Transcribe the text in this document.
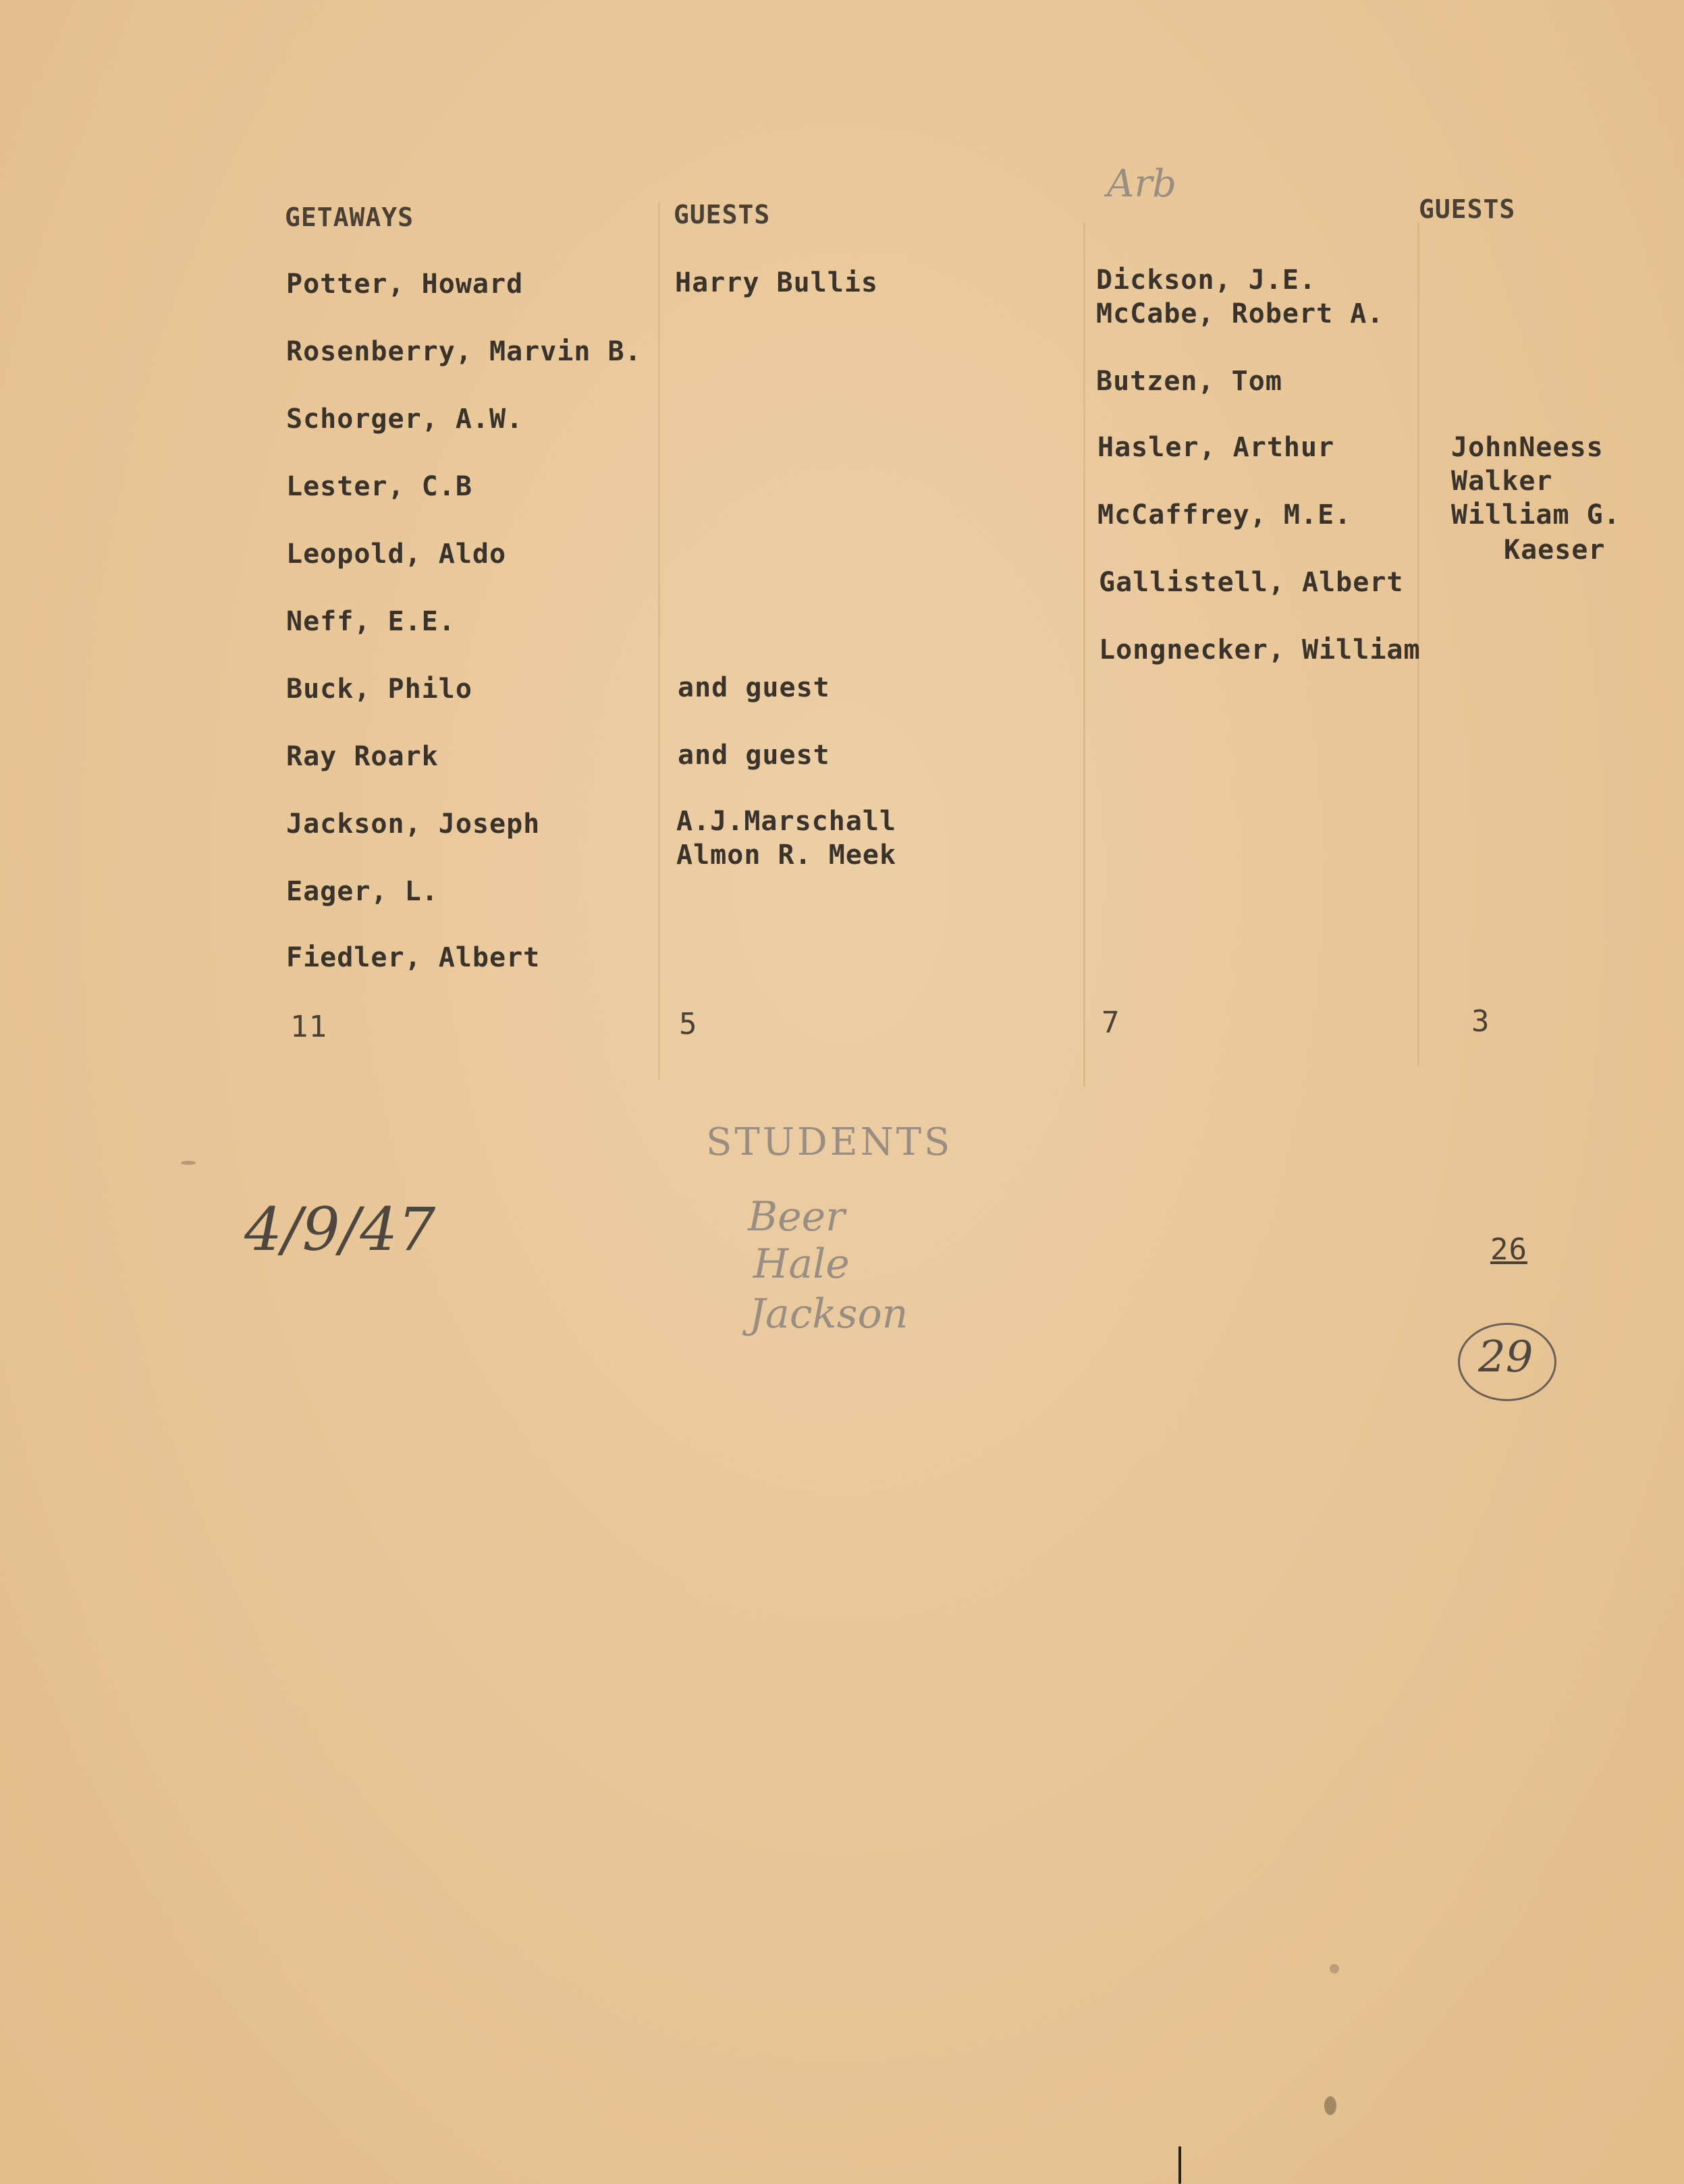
GETAWAYS
Potter, Howard
Rosenberry, Marvin B.
Schorger, A.W.
Lester, C.B
Leopold, Aldo
Neff, E.E.
Buck, Philo
Ray Roark
Jackson, Joseph
Eager, L.
Fiedler, Albert
11
GUESTS
Harry Bullis
and guest
and guest
A.J.Marschall
Almon R. Meek
5
Arb
Dickson, J.E.
McCabe, Robert A.
Butzen, Tom
Hasler, Arthur
McCaffrey, M.E.
Gallistell, Albert
Longnecker, William
7
GUESTS
JohnNeess
Walker
William G.
Kaeser
3
4/9/47
STUDENTS
Beer
Hale
Jackson
26
29
